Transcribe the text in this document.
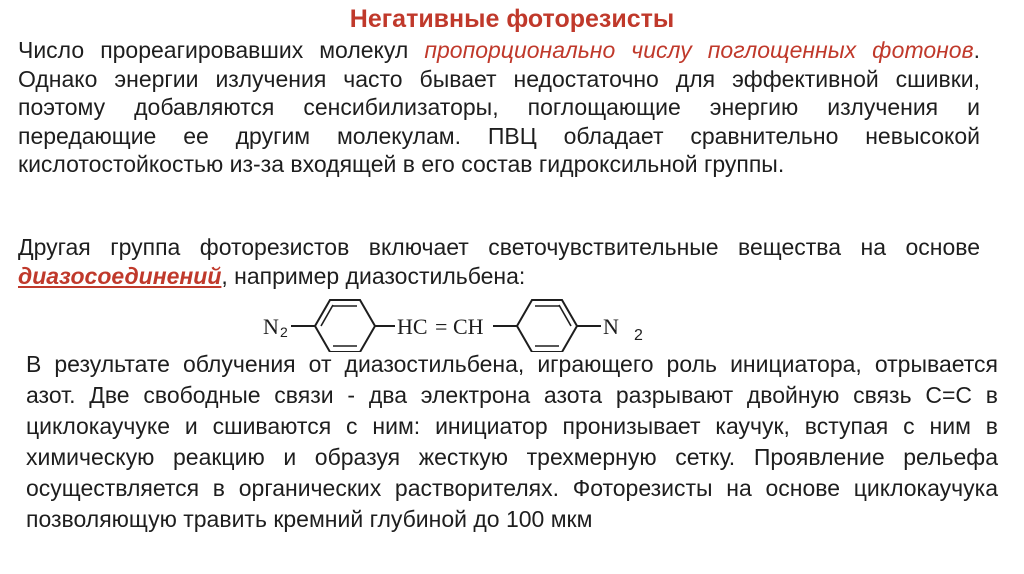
Негативные фоторезисты

Число прореагировавших молекул пропорционально числу поглощенных фотонов. Однако энергии излучения часто бывает недостаточно для эффективной сшивки, поэтому добавляются сенсибилизаторы, поглощающие энергию излучения и передающие ее другим молекулам. ПВЦ обладает сравнительно невысокой кислотостойкостью из-за входящей в его состав гидроксильной группы.

Другая группа фоторезистов включает светочувствительные вещества на основе диазосоединений, например диазостильбена:

N 2	HC = CH	N 2

В результате облучения от диазостильбена, играющего роль инициатора, отрывается азот. Две свободные связи - два электрона азота разрывают двойную связь С=С в циклокаучуке и сшиваются с ним: инициатор пронизывает каучук, вступая с ним в химическую реакцию и образуя жесткую трехмерную сетку. Проявление рельефа осуществляется в органических растворителях. Фоторезисты на основе циклокаучука позволяющую травить кремний глубиной до 100 мкм
